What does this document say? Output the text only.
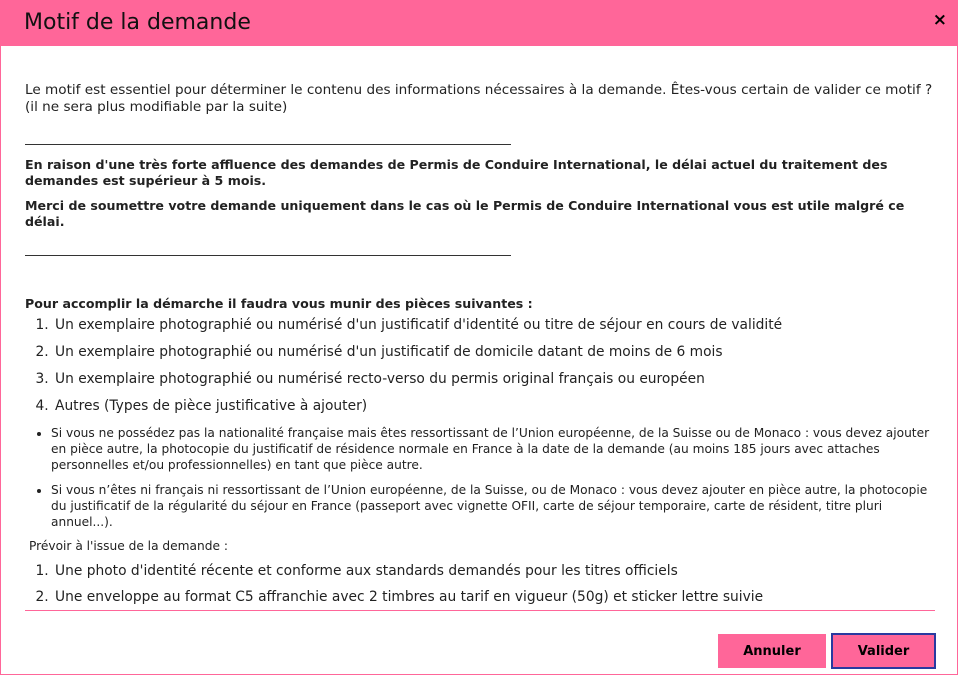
Motif de la demande	×

Le motif est essentiel pour déterminer le contenu des informations nécessaires à la demande. Êtes-vous certain de valider ce motif ? (il ne sera plus modifiable par la suite)

En raison d'une très forte affluence des demandes de Permis de Conduire International, le délai actuel du traitement des demandes est supérieur à 5 mois.

Merci de soumettre votre demande uniquement dans le cas où le Permis de Conduire International vous est utile malgré ce délai.

Pour accomplir la démarche il faudra vous munir des pièces suivantes :

1. Un exemplaire photographié ou numérisé d'un justificatif d'identité ou titre de séjour en cours de validité
2. Un exemplaire photographié ou numérisé d'un justificatif de domicile datant de moins de 6 mois
3. Un exemplaire photographié ou numérisé recto-verso du permis original français ou européen
4. Autres (Types de pièce justificative à ajouter)
• Si vous ne possédez pas la nationalité française mais êtes ressortissant de l’Union européenne, de la Suisse ou de Monaco : vous devez ajouter en pièce autre, la photocopie du justificatif de résidence normale en France à la date de la demande (au moins 185 jours avec attaches personnelles et/ou professionnelles) en tant que pièce autre.
• Si vous n’êtes ni français ni ressortissant de l’Union européenne, de la Suisse, ou de Monaco : vous devez ajouter en pièce autre, la photocopie du justificatif de la régularité du séjour en France (passeport avec vignette OFII, carte de séjour temporaire, carte de résident, titre pluri annuel...).

Prévoir à l'issue de la demande :

1. Une photo d'identité récente et conforme aux standards demandés pour les titres officiels
2. Une enveloppe au format C5 affranchie avec 2 timbres au tarif en vigueur (50g) et sticker lettre suivie
Annuler	Valider
